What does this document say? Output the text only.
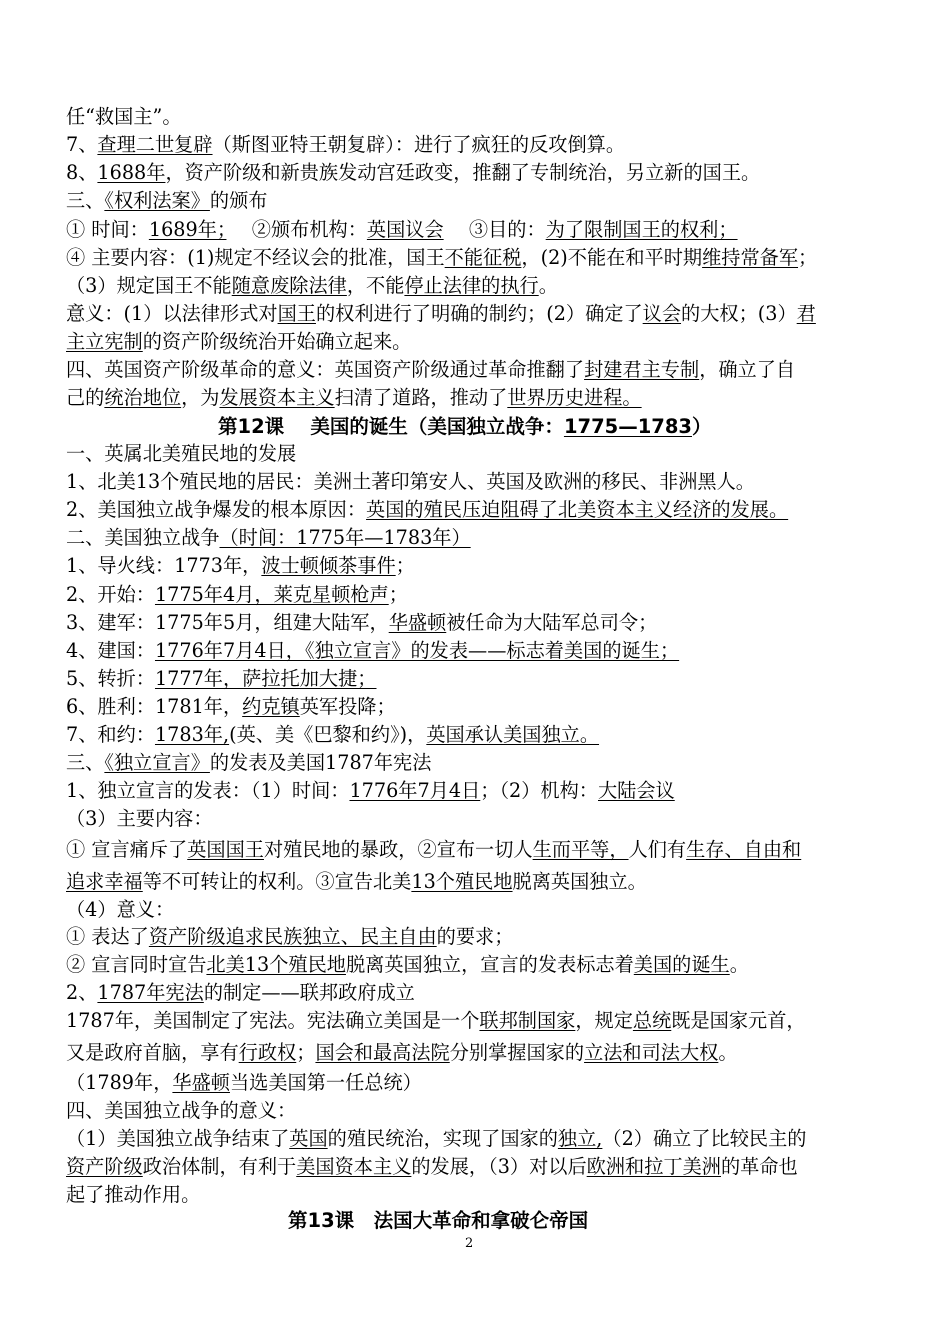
任“救国主”。
7、查理二世复辟（斯图亚特王朝复辟）：进行了疯狂的反攻倒算。
8、1688年，资产阶级和新贵族发动宫廷政变，推翻了专制统治，另立新的国王。
三、《权利法案》的颁布
① 时间：1689年；　 ②颁布机构：英国议会　 ③目的：为了限制国王的权利；
④ 主要内容：(1)规定不经议会的批准，国王不能征税，(2)不能在和平时期维持常备军；
（3）规定国王不能随意废除法律，不能停止法律的执行。
意义：(1）以法律形式对国王的权利进行了明确的制约；(2）确定了议会的大权；(3）君
主立宪制的资产阶级统治开始确立起来。
四、英国资产阶级革命的意义：英国资产阶级通过革命推翻了封建君主专制，确立了自
己的统治地位，为发展资本主义扫清了道路，推动了世界历史进程。
第12课　 美国的诞生（美国独立战争：1775—1783）
一、英属北美殖民地的发展
1、北美13个殖民地的居民：美洲土著印第安人、英国及欧洲的移民、非洲黑人。
2、美国独立战争爆发的根本原因：英国的殖民压迫阻碍了北美资本主义经济的发展。
二、美国独立战争（时间：1775年—1783年）
1、导火线：1773年，波士顿倾茶事件；
2、开始：1775年4月，莱克星顿枪声；
3、建军：1775年5月，组建大陆军，华盛顿被任命为大陆军总司令；
4、建国：1776年7月4日，《独立宣言》的发表——标志着美国的诞生；
5、转折：1777年，萨拉托加大捷；
6、胜利：1781年，约克镇英军投降；
7、和约：1783年,(英、美《巴黎和约》)，英国承认美国独立。
三、《独立宣言》的发表及美国1787年宪法
1、独立宣言的发表：（1）时间：1776年7月4日；（2）机构：大陆会议
（3）主要内容：
① 宣言痛斥了英国国王对殖民地的暴政，②宣布一切人生而平等，人们有生存、自由和
追求幸福等不可转让的权利。③宣告北美13个殖民地脱离英国独立。
（4）意义：
① 表达了资产阶级追求民族独立、民主自由的要求；
② 宣言同时宣告北美13个殖民地脱离英国独立，宣言的发表标志着美国的诞生。
2、1787年宪法的制定——联邦政府成立
1787年，美国制定了宪法。宪法确立美国是一个联邦制国家，规定总统既是国家元首，
又是政府首脑，享有行政权；国会和最高法院分别掌握国家的立法和司法大权。
（1789年，华盛顿当选美国第一任总统）
四、美国独立战争的意义：
（1）美国独立战争结束了英国的殖民统治，实现了国家的独立,（2）确立了比较民主的
资产阶级政治体制，有利于美国资本主义的发展，（3）对以后欧洲和拉丁美洲的革命也
起了推动作用。
第13课　法国大革命和拿破仑帝国
2
